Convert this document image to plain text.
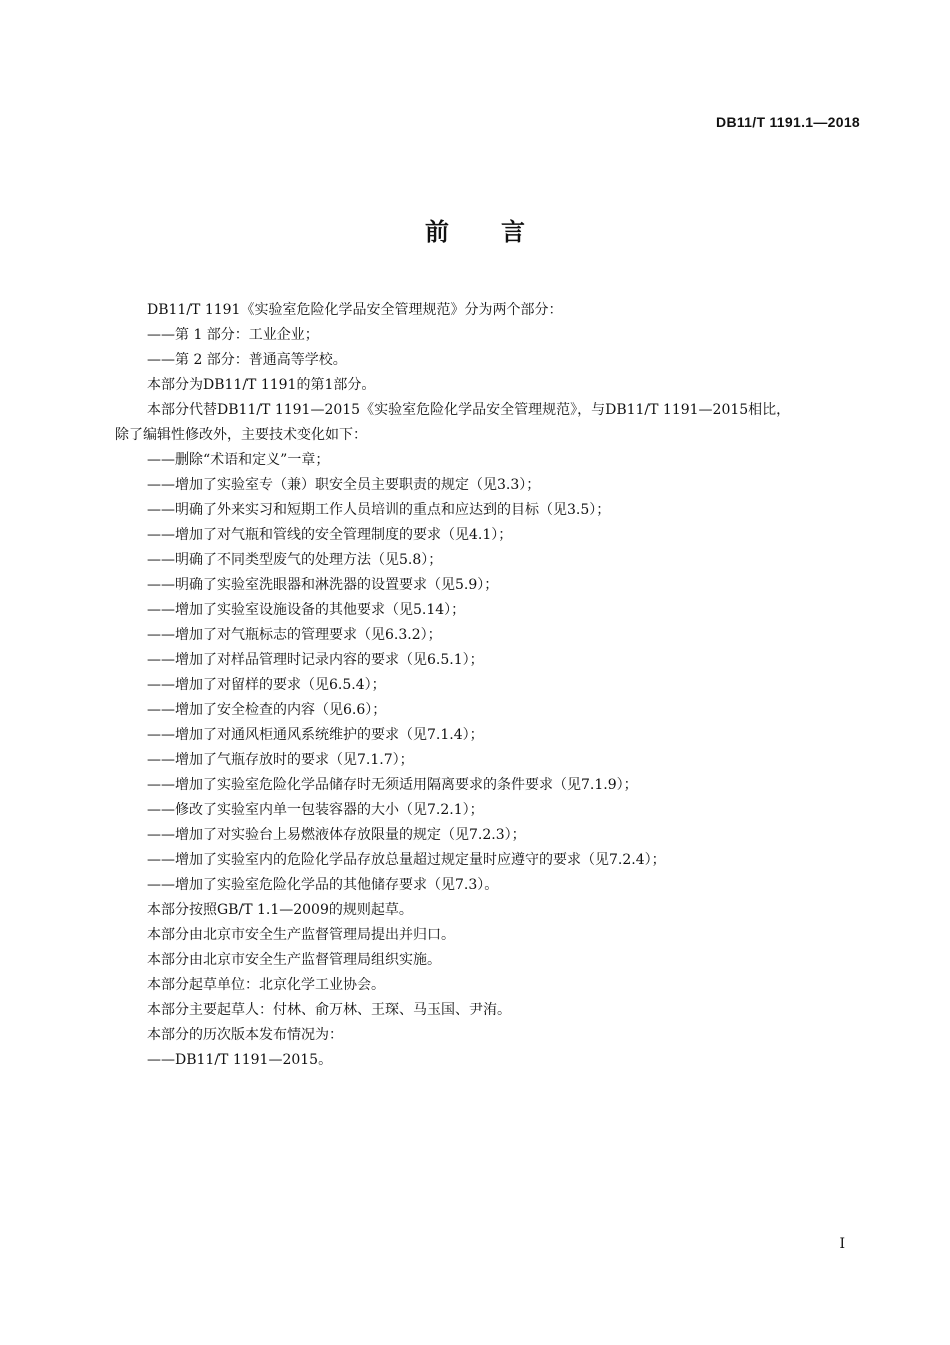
DB11/T 1191.1—2018
前言
DB11/T 1191《实验室危险化学品安全管理规范》分为两个部分：
——第 1 部分：工业企业；
——第 2 部分：普通高等学校。
本部分为DB11/T 1191的第1部分。
本部分代替DB11/T 1191—2015《实验室危险化学品安全管理规范》，与DB11/T 1191—2015相比，
除了编辑性修改外，主要技术变化如下：
——删除“术语和定义”一章；
——增加了实验室专（兼）职安全员主要职责的规定（见3.3）；
——明确了外来实习和短期工作人员培训的重点和应达到的目标（见3.5）；
——增加了对气瓶和管线的安全管理制度的要求（见4.1）；
——明确了不同类型废气的处理方法（见5.8）；
——明确了实验室洗眼器和淋洗器的设置要求（见5.9）；
——增加了实验室设施设备的其他要求（见5.14）；
——增加了对气瓶标志的管理要求（见6.3.2）；
——增加了对样品管理时记录内容的要求（见6.5.1）；
——增加了对留样的要求（见6.5.4）；
——增加了安全检查的内容（见6.6）；
——增加了对通风柜通风系统维护的要求（见7.1.4）；
——增加了气瓶存放时的要求（见7.1.7）；
——增加了实验室危险化学品储存时无须适用隔离要求的条件要求（见7.1.9）；
——修改了实验室内单一包装容器的大小（见7.2.1）；
——增加了对实验台上易燃液体存放限量的规定（见7.2.3）；
——增加了实验室内的危险化学品存放总量超过规定量时应遵守的要求（见7.2.4）；
——增加了实验室危险化学品的其他储存要求（见7.3）。
本部分按照GB/T 1.1—2009的规则起草。
本部分由北京市安全生产监督管理局提出并归口。
本部分由北京市安全生产监督管理局组织实施。
本部分起草单位：北京化学工业协会。
本部分主要起草人：付林、俞万林、王琛、马玉国、尹洧。
本部分的历次版本发布情况为：
——DB11/T 1191—2015。
I
